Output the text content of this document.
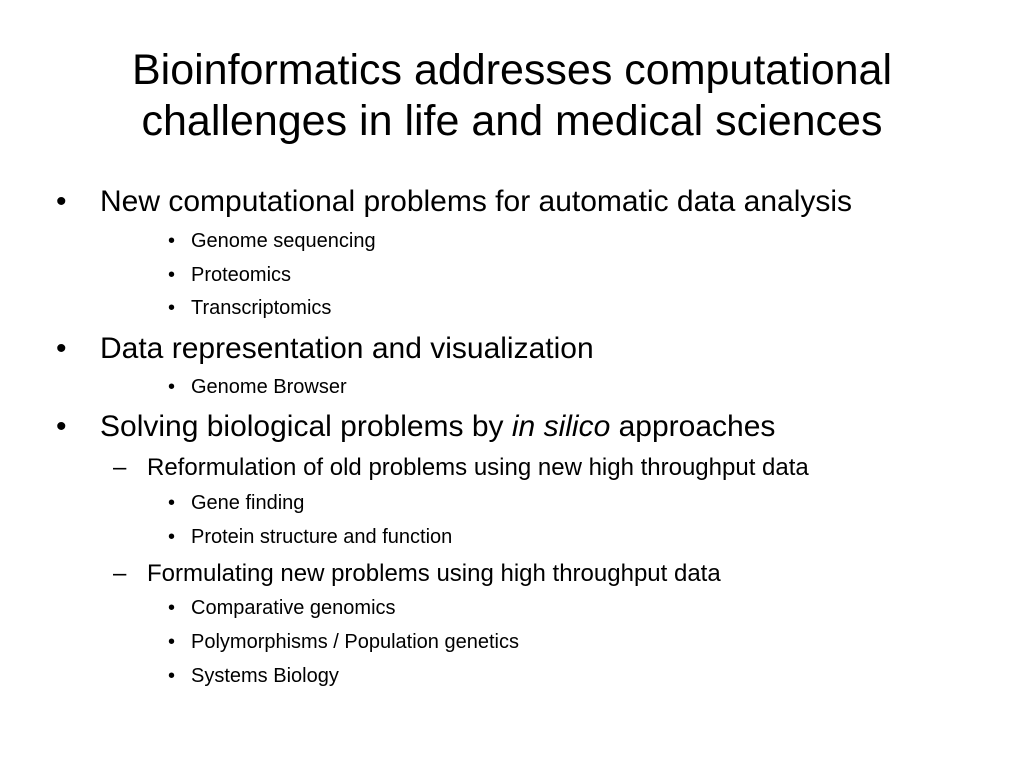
Bioinformatics addresses computational
challenges in life and medical sciences
• New computational problems for automatic data analysis
• Genome sequencing
• Proteomics
• Transcriptomics
• Data representation and visualization
• Genome Browser
• Solving biological problems by in silico approaches
– Reformulation of old problems using new high throughput data
• Gene finding
• Protein structure and function
– Formulating new problems using high throughput data
• Comparative genomics
• Polymorphisms / Population genetics
• Systems Biology
